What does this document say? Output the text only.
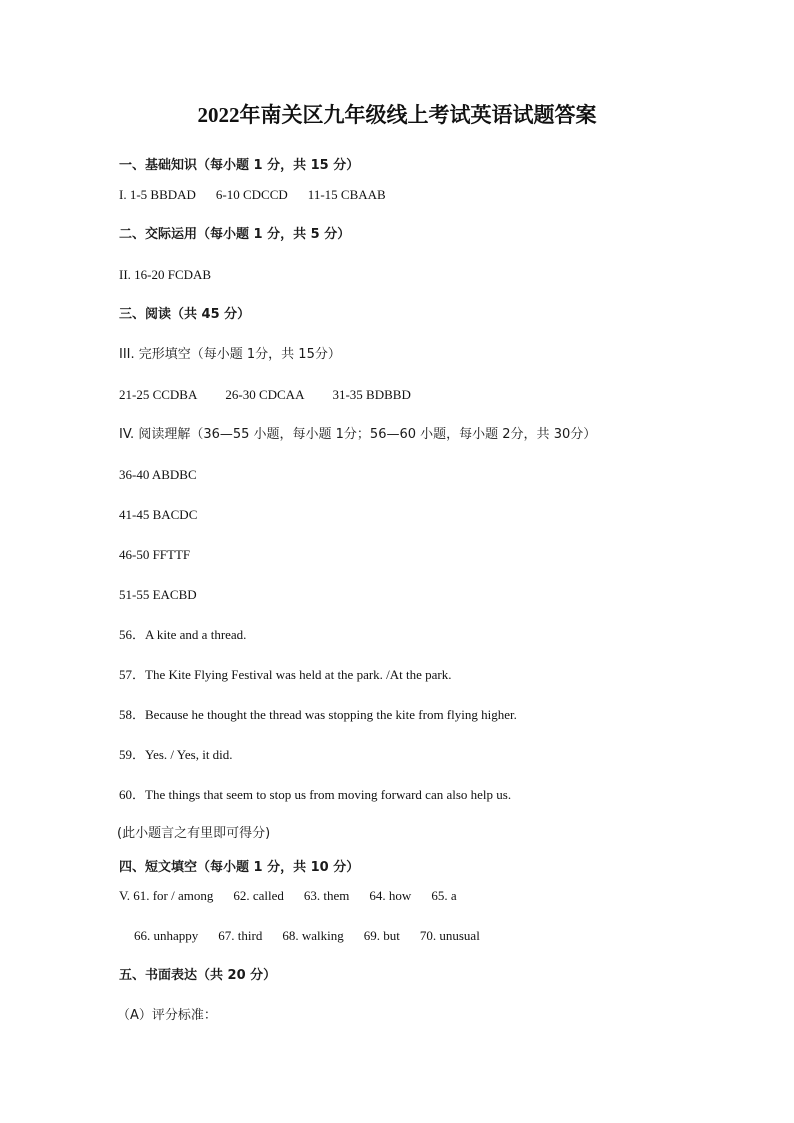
2022年南关区九年级线上考试英语试题答案
一、基础知识（每小题 1 分，共 15 分）
I. 1-5 BBDAD 6-10 CDCCD 11-15 CBAAB
二、交际运用（每小题 1 分，共 5 分）
II. 16-20 FCDAB
三、阅读（共 45 分）
III. 完形填空（每小题 1分，共 15分）
21-25 CCDBA 26-30 CDCAA 31-35 BDBBD
IV. 阅读理解（36—55 小题，每小题 1分；56—60 小题，每小题 2分，共 30分）
36-40 ABDBC
41-45 BACDC
46-50 FFTTF
51-55 EACBD
56．A kite and a thread.
57．The Kite Flying Festival was held at the park. /At the park.
58．Because he thought the thread was stopping the kite from flying higher.
59．Yes. / Yes, it did.
60．The things that seem to stop us from moving forward can also help us.
(此小题言之有里即可得分)
四、短文填空（每小题 1 分，共 10 分）
V. 61. for / among 62. called 63. them 64. how 65. a
66. unhappy 67. third 68. walking 69. but 70. unusual
五、书面表达（共 20 分）
（A）评分标准：
